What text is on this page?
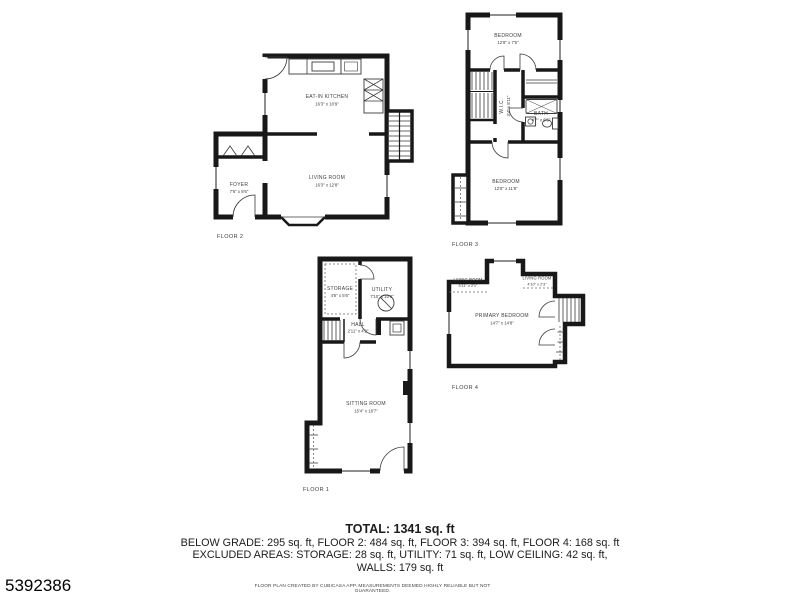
EAT-IN KITCHEN
16'3" x 10'9"
LIVING ROOM
16'3" x 12'8"
FOYER
7'6" x 8'6"
FLOOR 2
BEDROOM
12'8" x 7'5"
W.I.C. 3'4" x 8'11"	BATH
4'7" x 6'6"
BEDROOM
12'8" x 11'8"
FLOOR 3
STORAGE
4'6" x 5'6"
UTILITY
7'10" x 10'9"
HALL
2'11" x 4'2"
SITTING ROOM
15'4" x 18'7"
FLOOR 1
LIVING ROOM
5'11" x 2'1"
LIVING ROOM
4'10" x 2'3"
PRIMARY BEDROOM
14'7" x 14'8"
FLOOR 4
TOTAL: 1341 sq. ft
BELOW GRADE: 295 sq. ft, FLOOR 2: 484 sq. ft, FLOOR 3: 394 sq. ft, FLOOR 4: 168 sq. ft
EXCLUDED AREAS: STORAGE: 28 sq. ft, UTILITY: 71 sq. ft, LOW CEILING: 42 sq. ft,
WALLS: 179 sq. ft
5392386	FLOOR PLAN CREATED BY CUBICASA APP. MEASUREMENTS DEEMED HIGHLY RELIABLE BUT NOT GUARANTEED.
